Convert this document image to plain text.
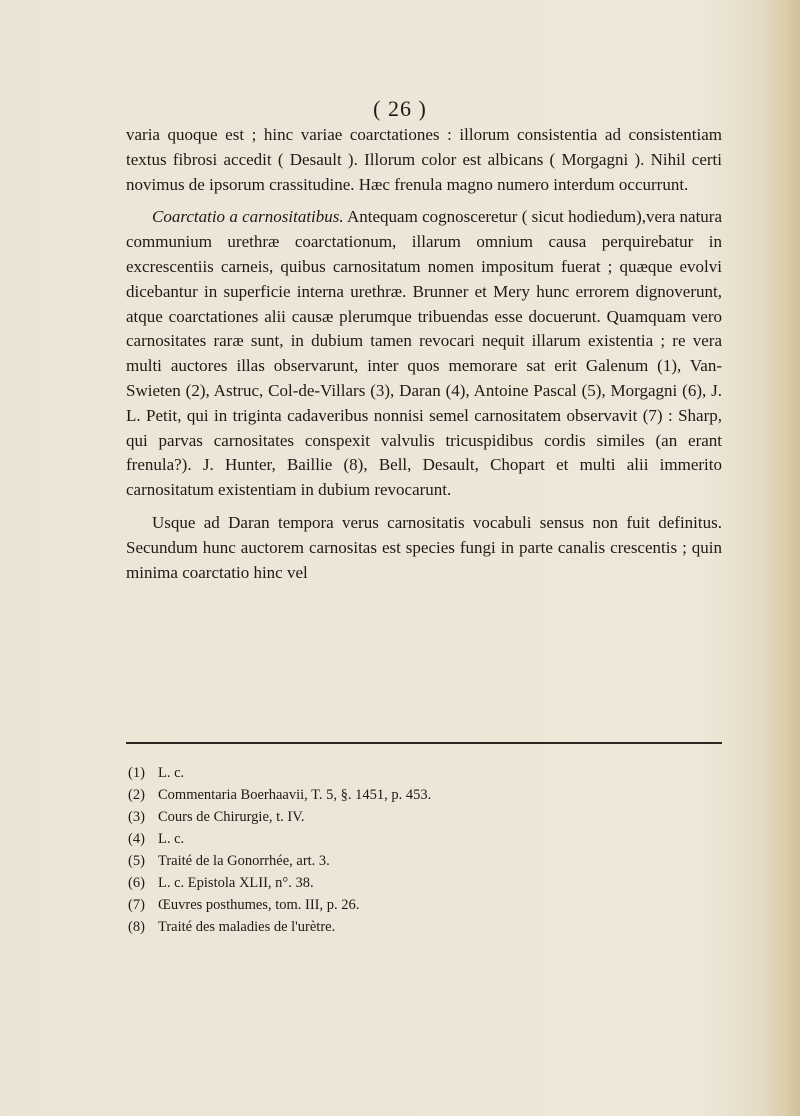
( 26 )

varia quoque est ; hinc variae coarctationes : illorum consistentia ad consistentiam textus fibrosi accedit ( Desault ). Illorum color est albicans ( Morgagni ). Nihil certi novimus de ipsorum crassitudine. Hæc frenula magno numero interdum occurrunt.

Coarctatio a carnositatibus. Antequam cognosceretur ( sicut hodiedum),vera natura communium urethræ coarctationum, illarum omnium causa perquirebatur in excrescentiis carneis, quibus carnositatum nomen impositum fuerat ; quæque evolvi dicebantur in superficie interna urethræ. Brunner et Mery hunc errorem dignoverunt, atque coarctationes alii causæ plerumque tribuendas esse docuerunt. Quamquam vero carnositates raræ sunt, in dubium tamen revocari nequit illarum existentia ; re vera multi auctores illas observarunt, inter quos memorare sat erit Galenum (1), Van-Swieten (2), Astruc, Col-de-Villars (3), Daran (4), Antoine Pascal (5), Morgagni (6), J. L. Petit, qui in triginta cadaveribus nonnisi semel carnositatem observavit (7) : Sharp, qui parvas carnositates conspexit valvulis tricuspidibus cordis similes (an erant frenula?). J. Hunter, Baillie (8), Bell, Desault, Chopart et multi alii immerito carnositatum existentiam in dubium revocarunt.

Usque ad Daran tempora verus carnositatis vocabuli sensus non fuit definitus. Secundum hunc auctorem carnositas est species fungi in parte canalis crescentis ; quin minima coarctatio hinc vel

(1) L. c.
(2) Commentaria Boerhaavii, T. 5, §. 1451, p. 453.
(3) Cours de Chirurgie, t. IV.
(4) L. c.
(5) Traité de la Gonorrhée, art. 3.
(6) L. c. Epistola XLII, n°. 38.
(7) Œuvres posthumes, tom. III, p. 26.
(8) Traité des maladies de l'urètre.
